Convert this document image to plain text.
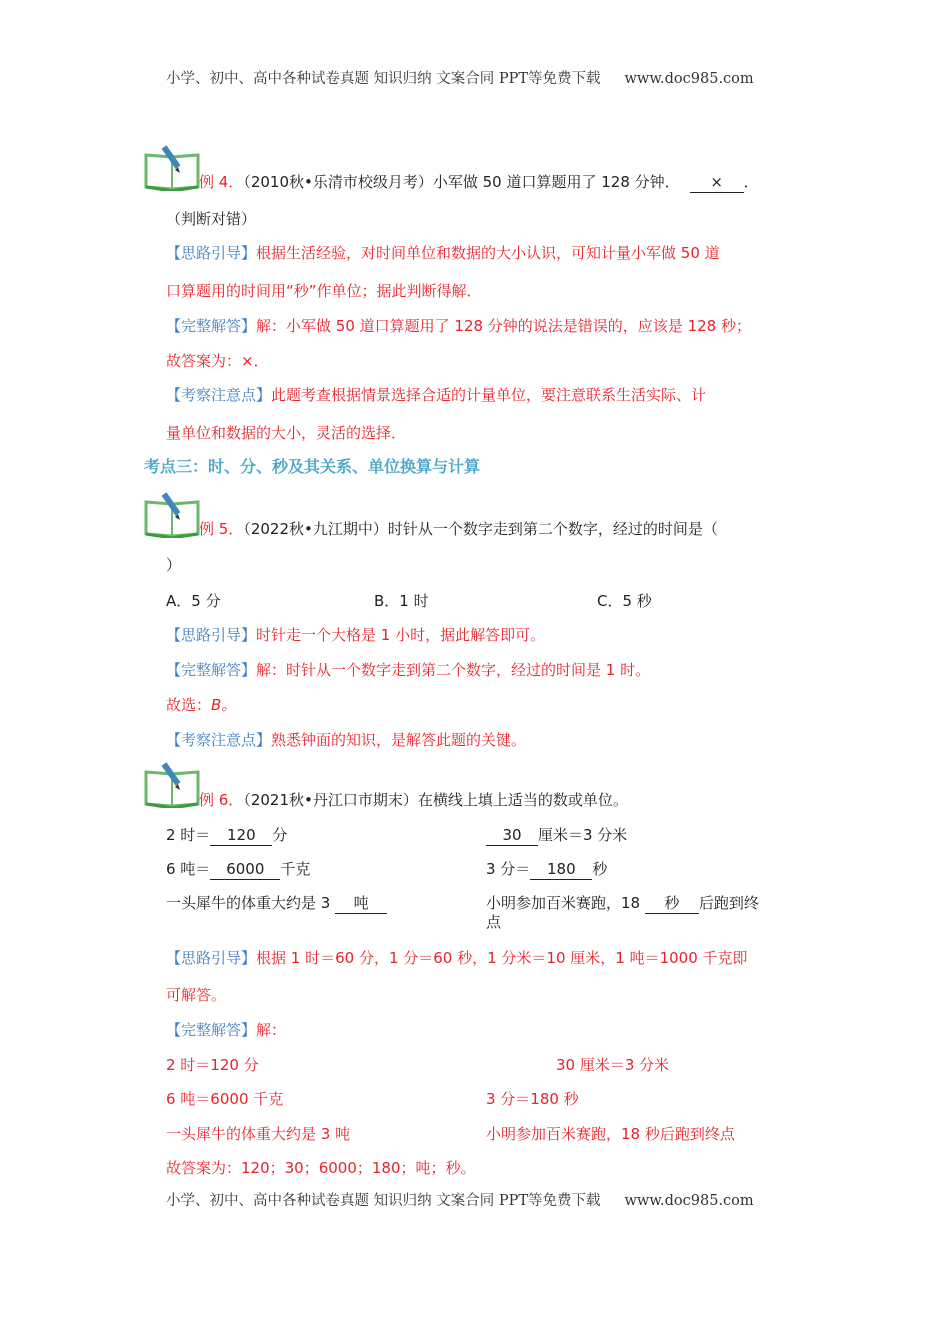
小学、初中、高中各种试卷真题 知识归纳 文案合同 PPT等免费下载 www.doc985.com
例 4．（2010秋•乐清市校级月考）小军做 50 道口算题用了 128 分钟． × ．
（判断对错）
【思路引导】根据生活经验，对时间单位和数据的大小认识，可知计量小军做 50 道
口算题用的时间用“秒”作单位；据此判断得解．
【完整解答】解：小军做 50 道口算题用了 128 分钟的说法是错误的，应该是 128 秒；
故答案为：×．
【考察注意点】此题考查根据情景选择合适的计量单位，要注意联系生活实际、计
量单位和数据的大小，灵活的选择．
考点三：时、分、秒及其关系、单位换算与计算
例 5．（2022秋•九江期中）时针从一个数字走到第二个数字，经过的时间是（
）
A．5 分	B．1 时	C．5 秒
【思路引导】时针走一个大格是 1 小时，据此解答即可。
【完整解答】解：时针从一个数字走到第二个数字，经过的时间是 1 时。
故选：B。
【考察注意点】熟悉钟面的知识，是解答此题的关键。
例 6．（2021秋•丹江口市期末）在横线上填上适当的数或单位。
2 时＝ 120 分	30 厘米＝3 分米
6 吨＝ 6000 千克	3 分＝ 180 秒
一头犀牛的体重大约是 3 吨	小明参加百米赛跑，18 秒 后跑到终
点
【思路引导】根据 1 时＝60 分，1 分＝60 秒，1 分米＝10 厘米，1 吨＝1000 千克即
可解答。
【完整解答】解：
2 时＝120 分	30 厘米＝3 分米
6 吨＝6000 千克	3 分＝180 秒
一头犀牛的体重大约是 3 吨	小明参加百米赛跑，18 秒后跑到终点
故答案为：120；30；6000；180；吨；秒。
小学、初中、高中各种试卷真题 知识归纳 文案合同 PPT等免费下载 www.doc985.com
